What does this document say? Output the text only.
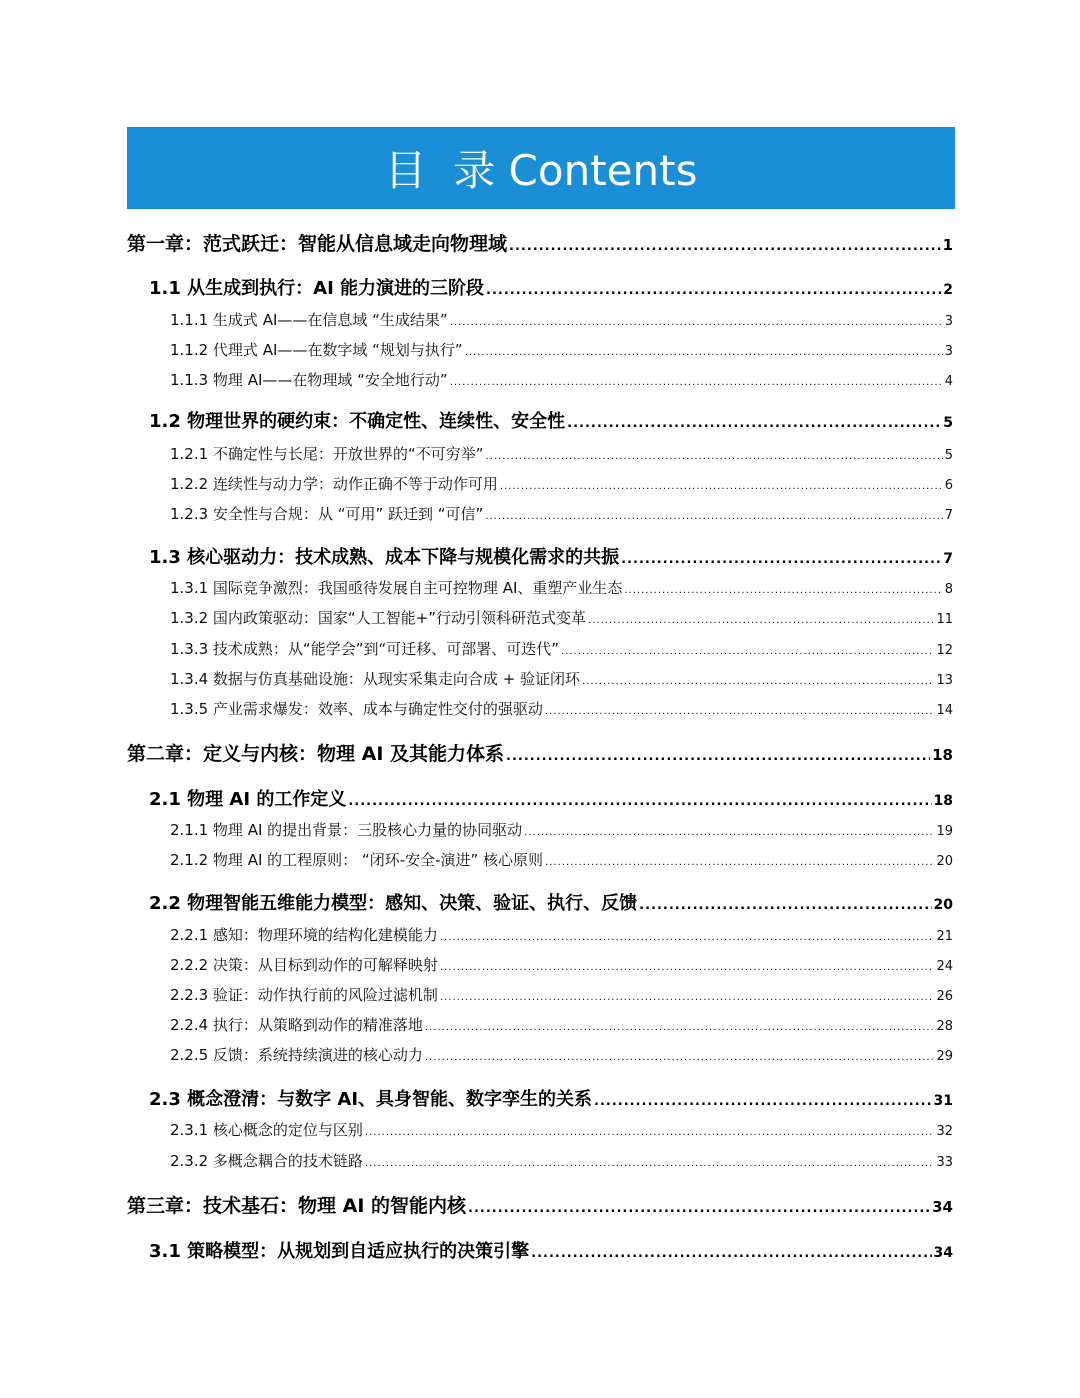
目  录 Contents
第一章：范式跃迁：智能从信息域走向物理域 .....	1
1.1 从生成到执行：AI 能力演进的三阶段 .....	2
1.1.1 生成式 AI——在信息域 “生成结果” .....	3
1.1.2 代理式 AI——在数字域 “规划与执行” .....	3
1.1.3 物理 AI——在物理域 “安全地行动” .....	4
1.2 物理世界的硬约束：不确定性、连续性、安全性 .....	5
1.2.1 不确定性与长尾：开放世界的“不可穷举” .....	5
1.2.2 连续性与动力学：动作正确不等于动作可用 .....	6
1.2.3 安全性与合规：从 “可用” 跃迁到 “可信” .....	7
1.3 核心驱动力：技术成熟、成本下降与规模化需求的共振 .....	7
1.3.1 国际竞争激烈：我国亟待发展自主可控物理 AI、重塑产业生态 .....	8
1.3.2 国内政策驱动：国家“人工智能+”行动引领科研范式变革 .....	11
1.3.3 技术成熟：从“能学会”到“可迁移、可部署、可迭代” .....	12
1.3.4 数据与仿真基础设施：从现实采集走向合成 + 验证闭环 .....	13
1.3.5 产业需求爆发：效率、成本与确定性交付的强驱动 .....	14
第二章：定义与内核：物理 AI 及其能力体系 .....	18
2.1 物理 AI 的工作定义 .....	18
2.1.1 物理 AI 的提出背景：三股核心力量的协同驱动 .....	19
2.1.2 物理 AI 的工程原则： “闭环-安全-演进” 核心原则 .....	20
2.2 物理智能五维能力模型：感知、决策、验证、执行、反馈 .....	20
2.2.1 感知：物理环境的结构化建模能力 .....	21
2.2.2 决策：从目标到动作的可解释映射 .....	24
2.2.3 验证：动作执行前的风险过滤机制 .....	26
2.2.4 执行：从策略到动作的精准落地 .....	28
2.2.5 反馈：系统持续演进的核心动力 .....	29
2.3 概念澄清：与数字 AI、具身智能、数字孪生的关系 .....	31
2.3.1 核心概念的定位与区别 .....	32
2.3.2 多概念耦合的技术链路 .....	33
第三章：技术基石：物理 AI 的智能内核 .....	34
3.1 策略模型：从规划到自适应执行的决策引擎 .....	34
